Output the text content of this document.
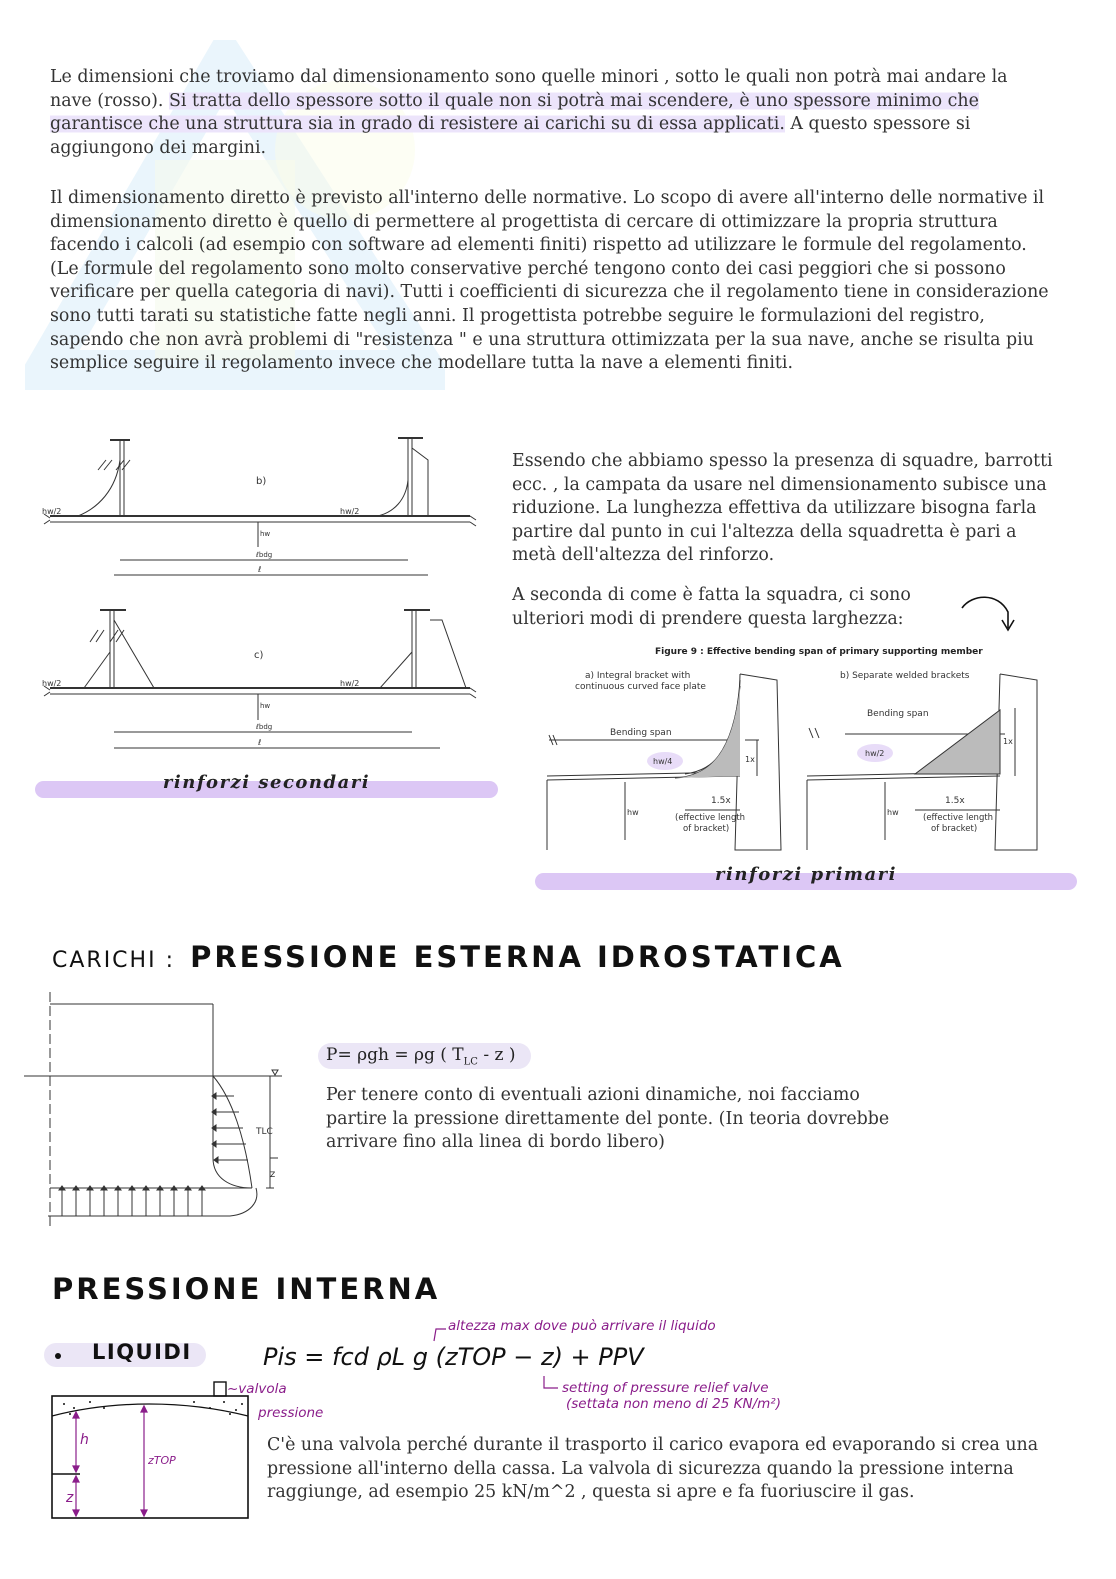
Le dimensioni che troviamo dal dimensionamento sono quelle minori , sotto le quali non potrà mai andare la nave (rosso). Si tratta dello spessore sotto il quale non si potrà mai scendere, è uno spessore minimo che garantisce che una struttura sia in grado di resistere ai carichi su di essa applicati. A questo spessore si aggiungono dei margini.

Il dimensionamento diretto è previsto all'interno delle normative. Lo scopo di avere all'interno delle normative il dimensionamento diretto è quello di permettere al progettista di cercare di ottimizzare la propria struttura facendo i calcoli (ad esempio con software ad elementi finiti) rispetto ad utilizzare le formule del regolamento. (Le formule del regolamento sono molto conservative perché tengono conto dei casi peggiori che si possono verificare per quella categoria di navi). Tutti i coefficienti di sicurezza che il regolamento tiene in considerazione sono tutti tarati su statistiche fatte negli anni. Il progettista potrebbe seguire le formulazioni del registro, sapendo che non avrà problemi di "resistenza " e una struttura ottimizzata per la sua nave, anche se risulta piu semplice seguire il regolamento invece che modellare tutta la nave a elementi finiti.

b)
c)
hw/2	hw/2
hw
ℓbdg
ℓ
hw/2	hw/2
hw
ℓbdg
ℓ
rinforzi secondari

Essendo che abbiamo spesso la presenza di squadre, barrotti ecc. , la campata da usare nel dimensionamento subisce una riduzione. La lunghezza effettiva da utilizzare bisogna farla partire dal punto in cui l'altezza della squadretta è pari a metà dell'altezza del rinforzo.

A seconda di come è fatta la squadra, ci sono ulteriori modi di prendere questa larghezza:

Figure 9 : Effective bending span of primary supporting member
a) Integral bracket with
continuous curved face plate
b) Separate welded brackets
Bending span
Bending span
hw/4
hw/2
1x
1x
hw	hw
1.5x	1.5x
(effective length
of bracket)
(effective length
of bracket)
rinforzi primari
CARICHI : PRESSIONE ESTERNA IDROSTATICA
TLC
z
P= ρgh = ρg ( $T_{LC}$ - z )

Per tenere conto di eventuali azioni dinamiche, noi facciamo partire la pressione direttamente del ponte. (In teoria dovrebbe arrivare fino alla linea di bordo libero)

PRESSIONE INTERNA
LIQUIDI	Pis = fcd ρL g (zTOP − z) + PPV
altezza max dove può arrivare il liquido
setting of pressure relief valve
(settata non meno di 25 KN/m²)
h
z
zTOP
~valvola
pressione

C'è una valvola perché durante il trasporto il carico evapora ed evaporando si crea una pressione all'interno della cassa. La valvola di sicurezza quando la pressione interna raggiunge, ad esempio 25 kN/m^2 , questa si apre e fa fuoriuscire il gas.
